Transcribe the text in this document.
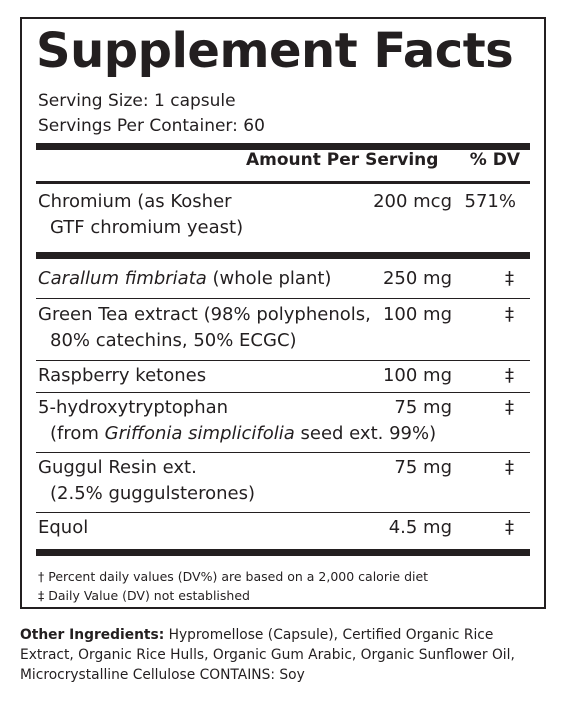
Supplement Facts
Serving Size: 1 capsule
Servings Per Container: 60
Amount Per Serving % DV
Chromium (as Kosher
GTF chromium yeast)
200 mcg 571%
Carallum fimbriata (whole plant)	250 mg	‡
Green Tea extract (98% polyphenols,
80% catechins, 50% ECGC)
100 mg	‡
Raspberry ketones	100 mg	‡
5-hydroxytryptophan
(from Griffonia simplicifolia seed ext. 99%)
75 mg	‡
Guggul Resin ext.
(2.5% guggulsterones)
75 mg	‡
Equol	4.5 mg	‡
† Percent daily values (DV%) are based on a 2,000 calorie diet
‡ Daily Value (DV) not established
Other Ingredients: Hypromellose (Capsule), Certified Organic Rice Extract, Organic Rice Hulls, Organic Gum Arabic, Organic Sunflower Oil, Microcrystalline Cellulose CONTAINS: Soy
